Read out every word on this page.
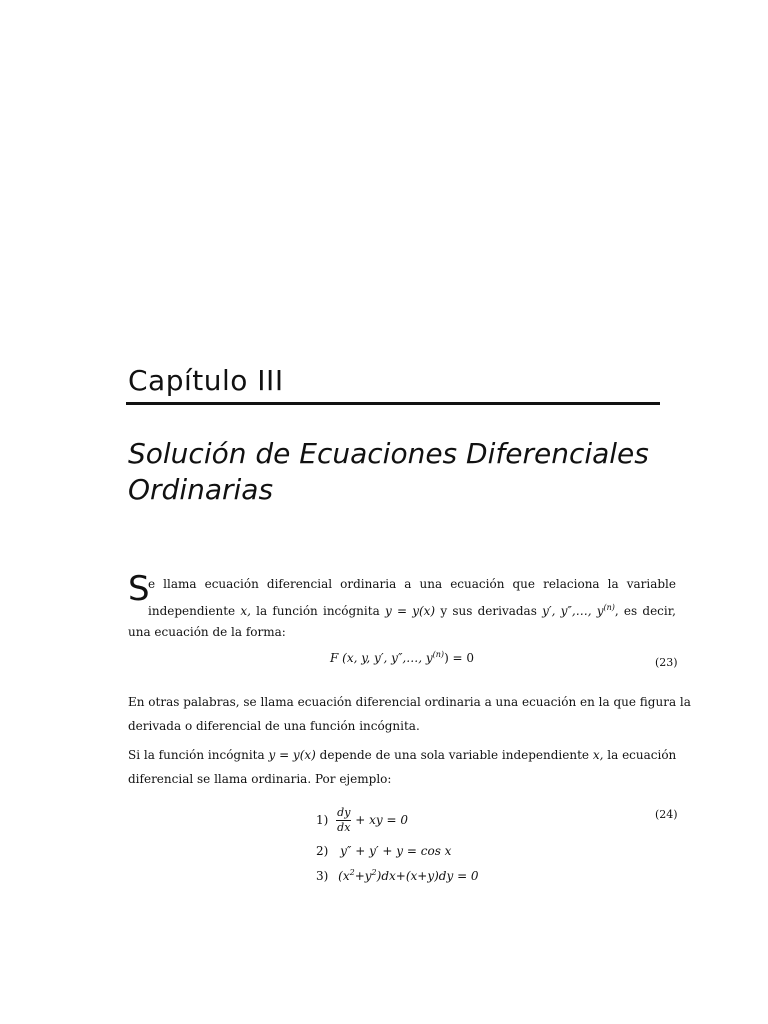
Capítulo III
Solución de Ecuaciones Diferenciales
Ordinarias
S
e llama ecuación diferencial ordinaria a una ecuación que relaciona la variable
independiente x, la función incógnita y = y(x) y sus derivadas y′, y″,…, $y^{(n)}$, es decir,
una ecuación de la forma:
F (x, y, y′, y″,…, $y^{(n)}) = 0$	(23)
En otras palabras, se llama ecuación diferencial ordinaria a una ecuación en la que figura la
derivada o diferencial de una función incógnita.
Si la función incógnita y = y(x) depende de una sola variable independiente x, la ecuación
diferencial se llama ordinaria. Por ejemplo:
(24)
$1) \frac{dy}{dx}$ + xy = 0
2) y″ + y′ + y = cos x
3) $(x^2+y^2)dx+(x+y)dy = 0$
